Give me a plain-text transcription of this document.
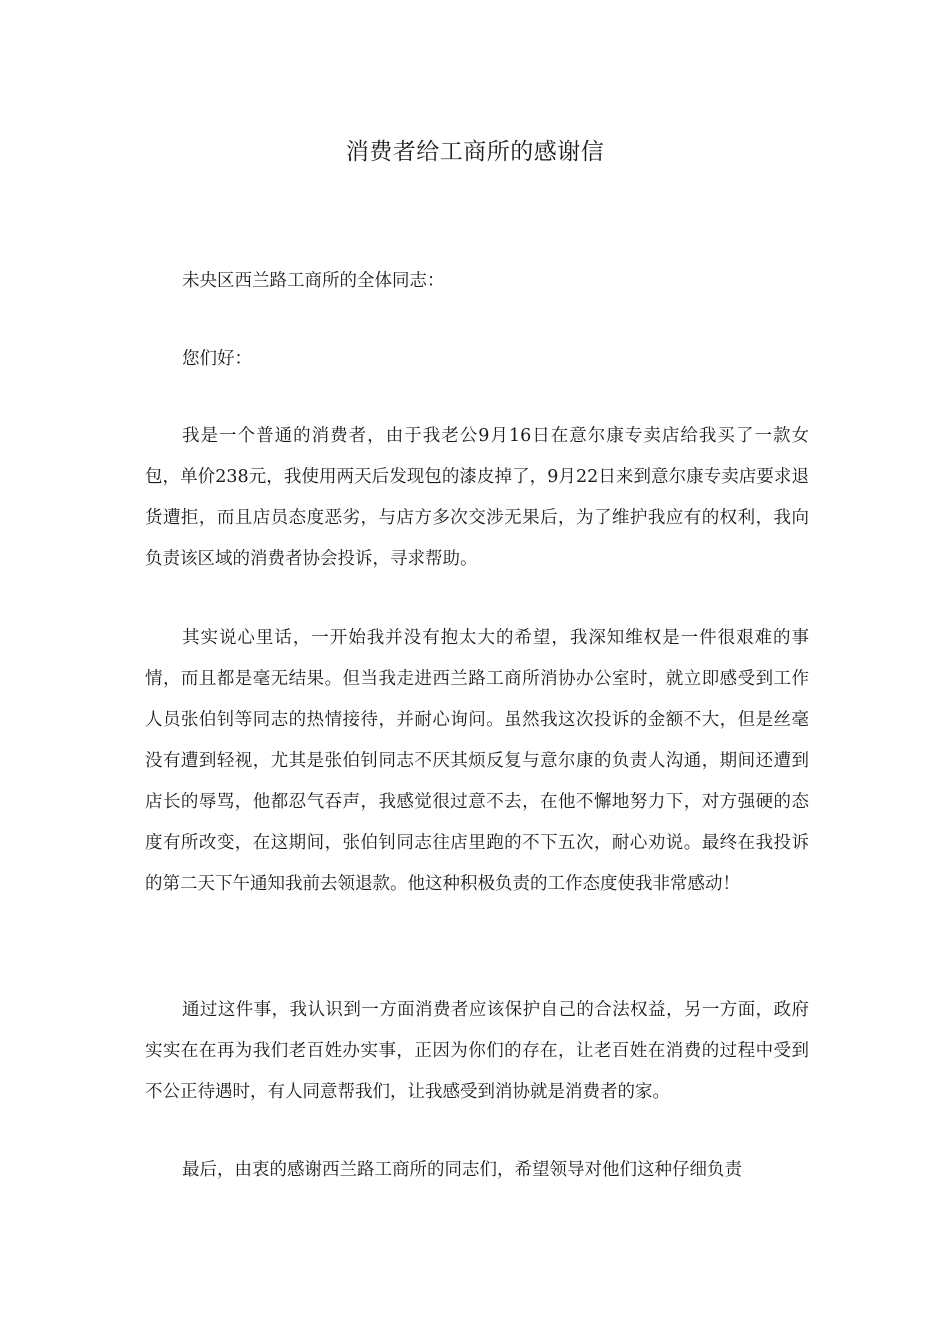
消费者给工商所的感谢信

未央区西兰路工商所的全体同志：

您们好：

我是一个普通的消费者，由于我老公9月16日在意尔康专卖店给我买了一款女包，单价238元，我使用两天后发现包的漆皮掉了，9月22日来到意尔康专卖店要求退货遭拒，而且店员态度恶劣，与店方多次交涉无果后，为了维护我应有的权利，我向负责该区域的消费者协会投诉，寻求帮助。

其实说心里话，一开始我并没有抱太大的希望，我深知维权是一件很艰难的事情，而且都是毫无结果。但当我走进西兰路工商所消协办公室时，就立即感受到工作人员张伯钊等同志的热情接待，并耐心询问。虽然我这次投诉的金额不大，但是丝毫没有遭到轻视，尤其是张伯钊同志不厌其烦反复与意尔康的负责人沟通，期间还遭到店长的辱骂，他都忍气吞声，我感觉很过意不去，在他不懈地努力下，对方强硬的态度有所改变，在这期间，张伯钊同志往店里跑的不下五次，耐心劝说。最终在我投诉的第二天下午通知我前去领退款。他这种积极负责的工作态度使我非常感动！

通过这件事，我认识到一方面消费者应该保护自己的合法权益，另一方面，政府实实在在再为我们老百姓办实事，正因为你们的存在，让老百姓在消费的过程中受到不公正待遇时，有人同意帮我们，让我感受到消协就是消费者的家。

最后，由衷的感谢西兰路工商所的同志们，希望领导对他们这种仔细负责
